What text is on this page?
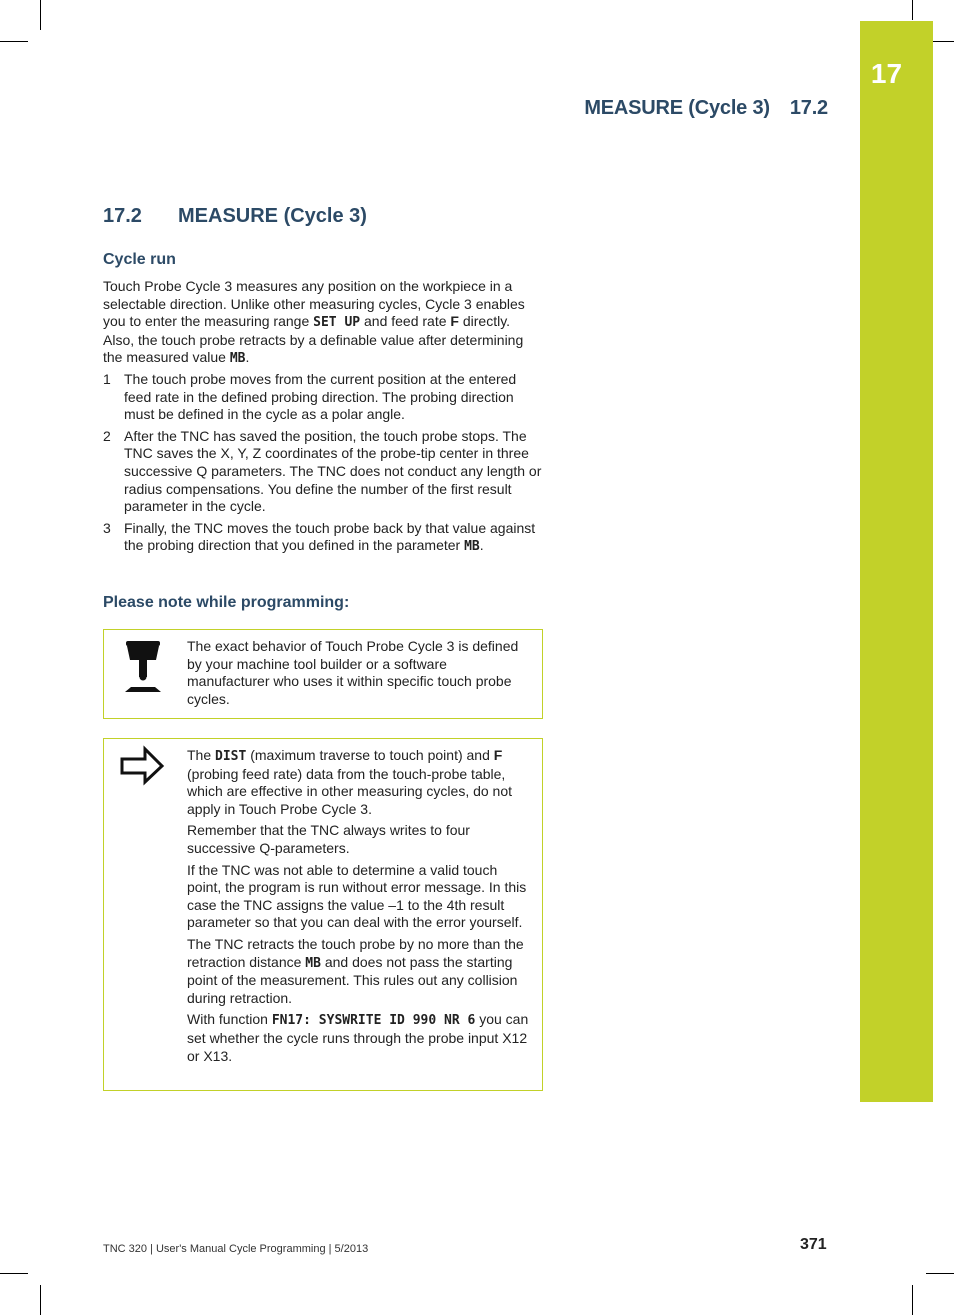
17
MEASURE (Cycle 3) 17.2
17.2 MEASURE (Cycle 3)
Cycle run
Touch Probe Cycle 3 measures any position on the workpiece in a selectable direction. Unlike other measuring cycles, Cycle 3 enables you to enter the measuring range SET UP and feed rate F directly. Also, the touch probe retracts by a definable value after determining the measured value MB.
1 The touch probe moves from the current position at the entered feed rate in the defined probing direction. The probing direction must be defined in the cycle as a polar angle.
2 After the TNC has saved the position, the touch probe stops. The TNC saves the X, Y, Z coordinates of the probe-tip center in three successive Q parameters. The TNC does not conduct any length or radius compensations. You define the number of the first result parameter in the cycle.
3 Finally, the TNC moves the touch probe back by that value against the probing direction that you defined in the parameter MB.
Please note while programming:

The exact behavior of Touch Probe Cycle 3 is defined by your machine tool builder or a software manufacturer who uses it within specific touch probe cycles.

The DIST (maximum traverse to touch point) and F (probing feed rate) data from the touch-probe table, which are effective in other measuring cycles, do not apply in Touch Probe Cycle 3.

Remember that the TNC always writes to four successive Q-parameters.

If the TNC was not able to determine a valid touch point, the program is run without error message. In this case the TNC assigns the value –1 to the 4th result parameter so that you can deal with the error yourself.

The TNC retracts the touch probe by no more than the retraction distance MB and does not pass the starting point of the measurement. This rules out any collision during retraction.

With function FN17: SYSWRITE ID 990 NR 6 you can set whether the cycle runs through the probe input X12 or X13.

TNC 320 | User's Manual Cycle Programming | 5/2013	371
